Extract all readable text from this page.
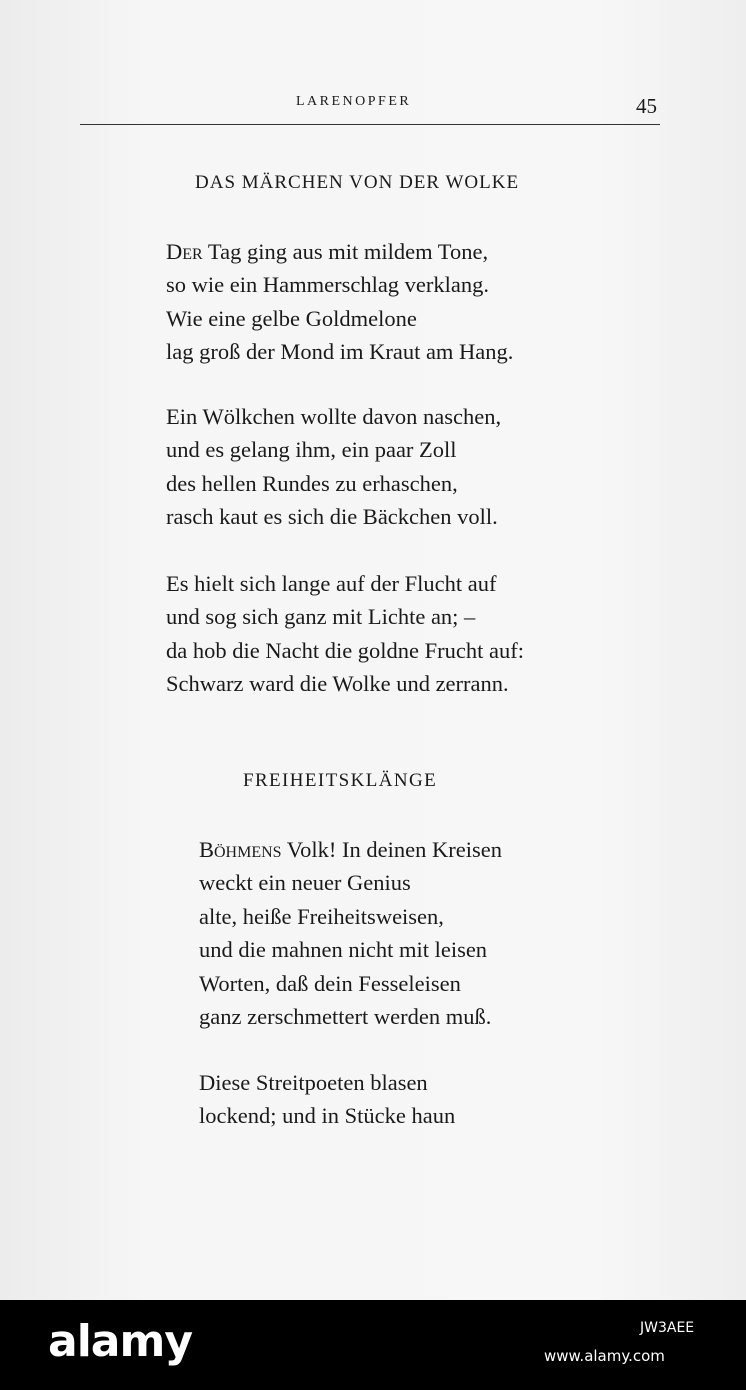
LARENOPFER	45
DAS MÄRCHEN VON DER WOLKE
Der Tag ging aus mit mildem Tone,
so wie ein Hammerschlag verklang.
Wie eine gelbe Goldmelone
lag groß der Mond im Kraut am Hang.
Ein Wölkchen wollte davon naschen,
und es gelang ihm, ein paar Zoll
des hellen Rundes zu erhaschen,
rasch kaut es sich die Bäckchen voll.
Es hielt sich lange auf der Flucht auf
und sog sich ganz mit Lichte an; –
da hob die Nacht die goldne Frucht auf:
Schwarz ward die Wolke und zerrann.
FREIHEITSKLÄNGE
Böhmens Volk! In deinen Kreisen
weckt ein neuer Genius
alte, heiße Freiheitsweisen,
und die mahnen nicht mit leisen
Worten, daß dein Fesseleisen
ganz zerschmettert werden muß.
Diese Streitpoeten blasen
lockend; und in Stücke haun
alamy	JW3AEE
www.alamy.com
